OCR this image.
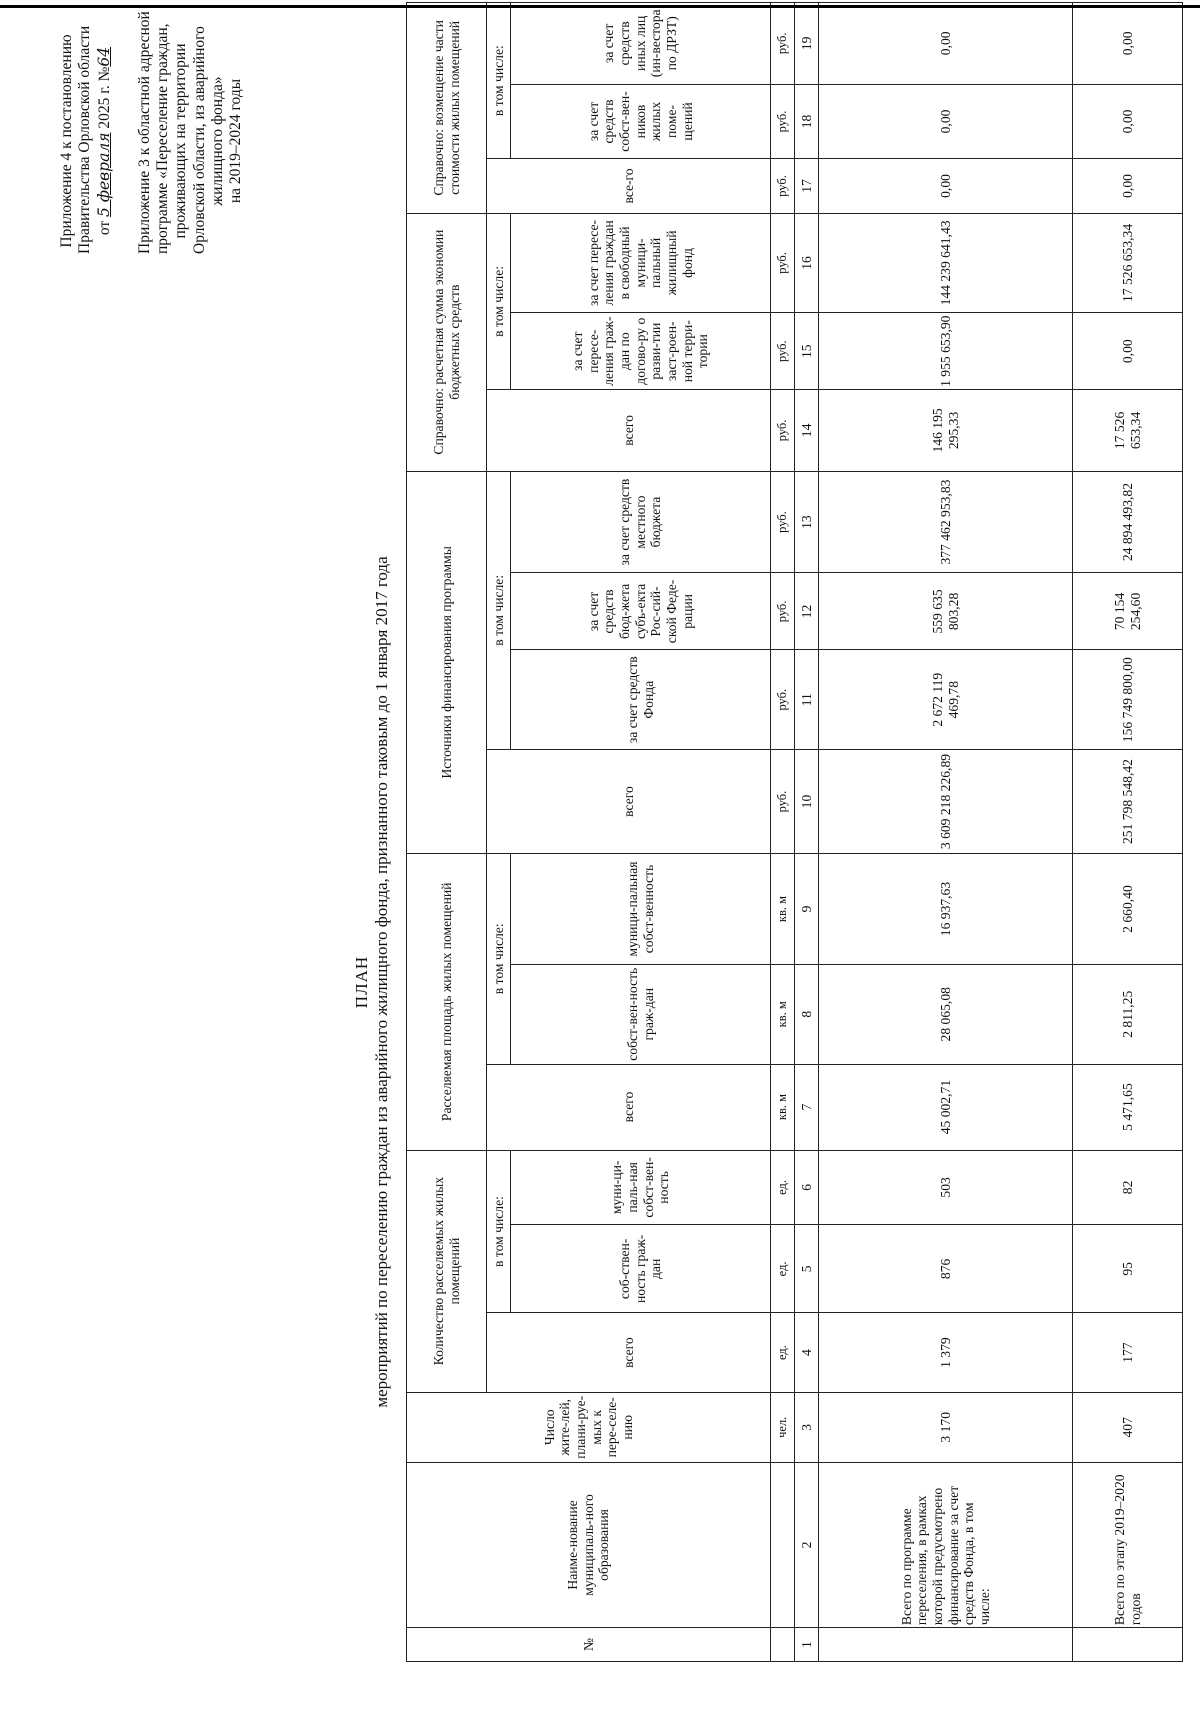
Приложение 4 к постановлению Правительства Орловской области от 5 февраля 2025 г. №64 Приложение 3 к областной адресной программе «Переселение граждан, проживающих на территории Орловской области, из аварийного жилищного фонда» на 2019–2024 годы
ПЛАН мероприятий по переселению граждан из аварийного жилищного фонда, признанного таковым до 1 января 2017 года
№	Наиме-нование муниципаль-ного образования	Число жите-лей, плани-руе-мых к пере-селе-нию	Количество расселяемых жилых помещений			Расселяемая площадь жилых помещений			Источники финансирования программы				Справочно: расчетная сумма экономии бюджетных средств			Справочно: возмещение части стоимости жилых помещений		
			всего	в том числе:		всего	в том числе:		всего	в том числе:			всего	в том числе:		все-го	в том числе:	
				соб-ствен-ность граж-дан	муни-ци-паль-ная собст-вен-ность		собст-вен-ность граж-дан	муници-пальная собст-венность		за счет средств Фонда	за счет средств бюд-жета субъ-екта Рос-сий-ской Феде-рации	за счет средств местного бюджета		за счет пересе-ления граж-дан по догово-ру о разви-тии заст-роен-ной терри-тории	за счет пересе-ления граждан в свободный муници-пальный жилищный фонд		за счет средств собст-вен-ников жилых поме-щений	за счет средств иных лиц (ин-вестора по ДРЗТ)
		чел.	ед.	ед.	ед.	кв. м	кв. м	кв. м	руб.	руб.	руб.	руб.	руб.	руб.	руб.	руб.	руб.	руб.
1	2	3	4	5	6	7	8	9	10	11	12	13	14	15	16	17	18	19
	Всего по программе переселения, в рамках которой предусмотрено финансирование за счет средств Фонда, в том числе:	3 170	1 379	876	503	45 002,71	28 065,08	16 937,63	3 609 218 226,89	2 672 119 469,78	559 635 803,28	377 462 953,83	146 195 295,33	1 955 653,90	144 239 641,43	0,00	0,00	0,00
	Всего по этапу 2019–2020 годов	407	177	95	82	5 471,65	2 811,25	2 660,40	251 798 548,42	156 749 800,00	70 154 254,60	24 894 493,82	17 526 653,34	0,00	17 526 653,34	0,00	0,00	0,00
